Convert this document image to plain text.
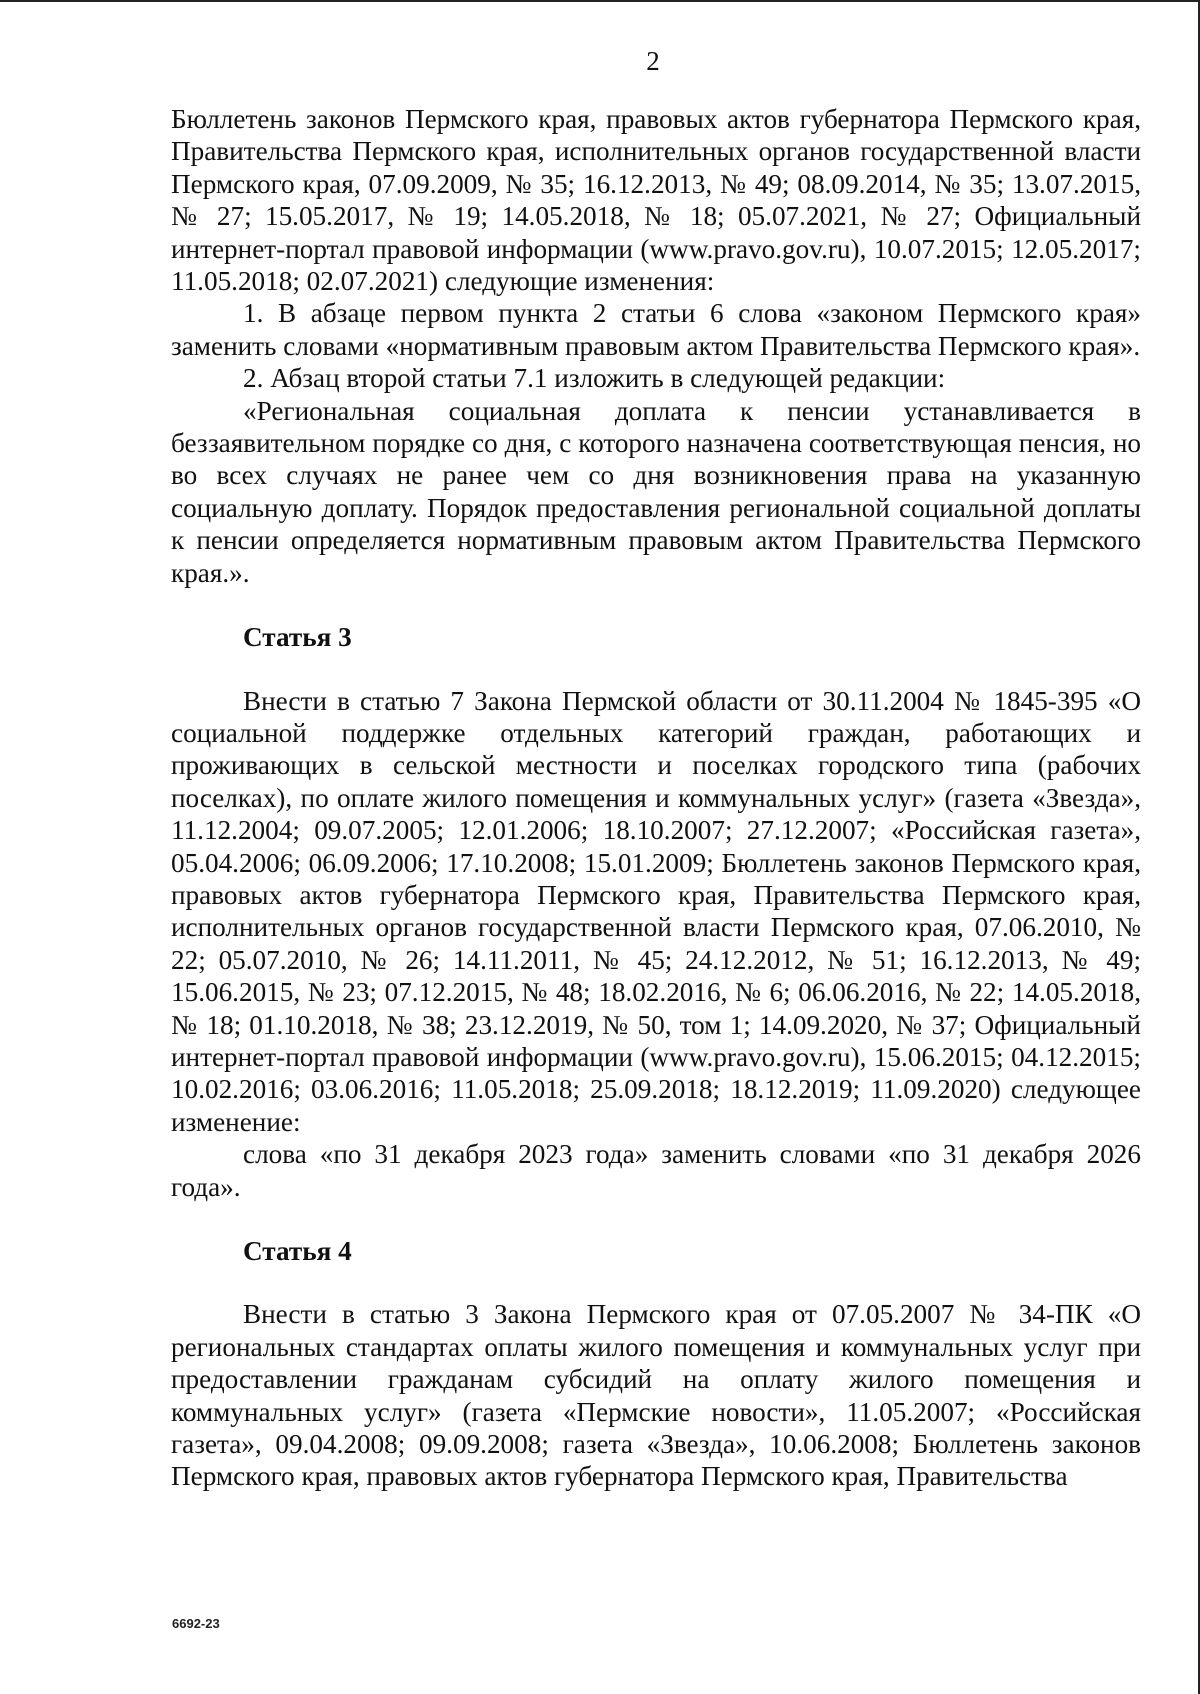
2

Бюллетень законов Пермского края, правовых актов губернатора Пермского края, Правительства Пермского края, исполнительных органов государственной власти Пермского края, 07.09.2009, № 35; 16.12.2013, № 49; 08.09.2014, № 35; 13.07.2015, № 27; 15.05.2017, № 19; 14.05.2018, № 18; 05.07.2021, № 27; Официальный интернет-портал правовой информации (www.pravo.gov.ru), 10.07.2015; 12.05.2017; 11.05.2018; 02.07.2021) следующие изменения:

1. В абзаце первом пункта 2 статьи 6 слова «законом Пермского края» заменить словами «нормативным правовым актом Правительства Пермского края».

2. Абзац второй статьи 7.1 изложить в следующей редакции:

«Региональная социальная доплата к пенсии устанавливается в беззаявительном порядке со дня, с которого назначена соответствующая пенсия, но во всех случаях не ранее чем со дня возникновения права на указанную социальную доплату. Порядок предоставления региональной социальной доплаты к пенсии определяется нормативным правовым актом Правительства Пермского края.».

Статья 3

Внести в статью 7 Закона Пермской области от 30.11.2004 № 1845-395 «О социальной поддержке отдельных категорий граждан, работающих и проживающих в сельской местности и поселках городского типа (рабочих поселках), по оплате жилого помещения и коммунальных услуг» (газета «Звезда», 11.12.2004; 09.07.2005; 12.01.2006; 18.10.2007; 27.12.2007; «Российская газета», 05.04.2006; 06.09.2006; 17.10.2008; 15.01.2009; Бюллетень законов Пермского края, правовых актов губернатора Пермского края, Правительства Пермского края, исполнительных органов государственной власти Пермского края, 07.06.2010, № 22; 05.07.2010, № 26; 14.11.2011, № 45; 24.12.2012, № 51; 16.12.2013, № 49; 15.06.2015, № 23; 07.12.2015, № 48; 18.02.2016, № 6; 06.06.2016, № 22; 14.05.2018, № 18; 01.10.2018, № 38; 23.12.2019, № 50, том 1; 14.09.2020, № 37; Официальный интернет-портал правовой информации (www.pravo.gov.ru), 15.06.2015; 04.12.2015; 10.02.2016; 03.06.2016; 11.05.2018; 25.09.2018; 18.12.2019; 11.09.2020) следующее изменение:

слова «по 31 декабря 2023 года» заменить словами «по 31 декабря 2026 года».

Статья 4

Внести в статью 3 Закона Пермского края от 07.05.2007 № 34-ПК «О региональных стандартах оплаты жилого помещения и коммунальных услуг при предоставлении гражданам субсидий на оплату жилого помещения и коммунальных услуг» (газета «Пермские новости», 11.05.2007; «Российская газета», 09.04.2008; 09.09.2008; газета «Звезда», 10.06.2008; Бюллетень законов Пермского края, правовых актов губернатора Пермского края, Правительства

6692-23
